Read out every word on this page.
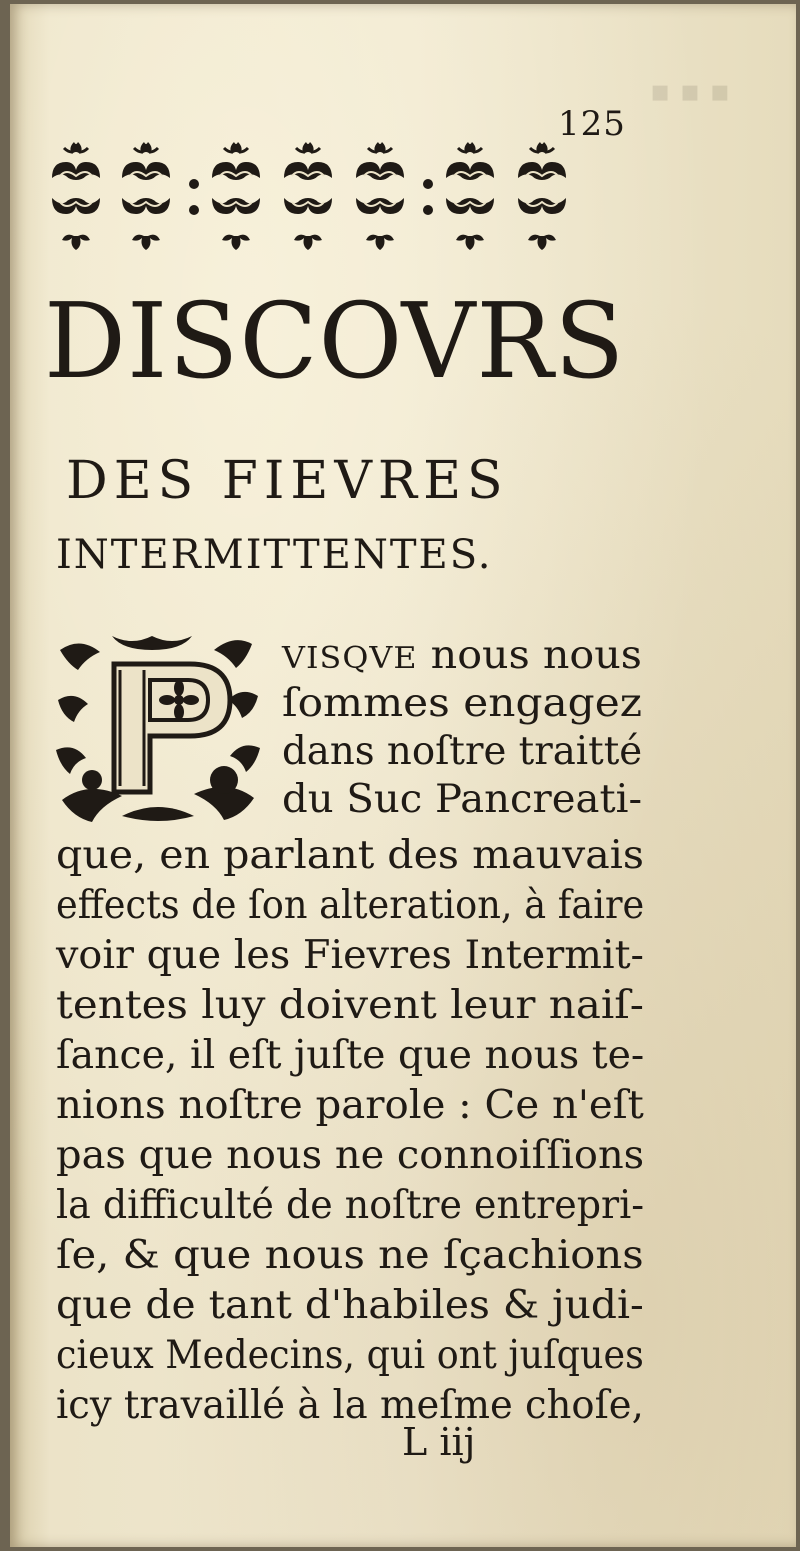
▪ ▪ ▪
125
DISCOVRS
DES FIEVRES
INTERMITTENTES.
VISQVE nous nous
ſommes engagez
dans noſtre traitté
du Suc Pancreati-
que, en parlant des mauvais
effects de ſon alteration, à faire
voir que les Fievres Intermit-
tentes luy doivent leur naiſ-
ſance, il eſt juſte que nous te-
nions noſtre parole : Ce n'eſt
pas que nous ne connoiſſions
la difficulté de noſtre entrepri-
ſe, & que nous ne ſçachions
que de tant d'habiles & judi-
cieux Medecins, qui ont juſques
icy travaillé à la meſme choſe,
L iij
